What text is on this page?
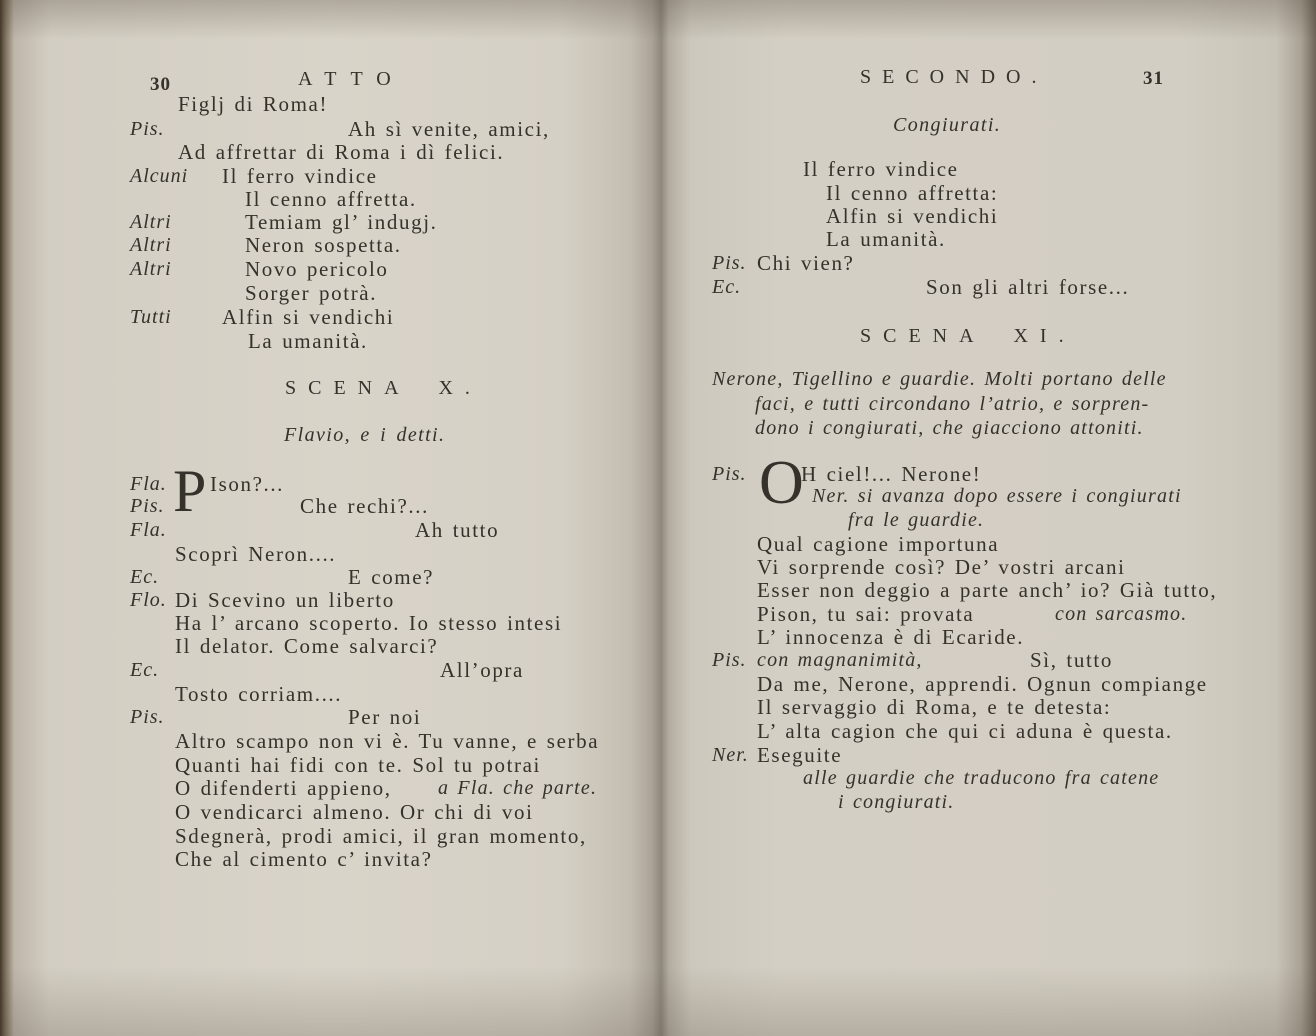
30	ATTO
Figlj di Roma!
Pis.	Ah sì venite, amici,
Ad affrettar di Roma i dì felici.
Alcuni Il ferro vindice
Il cenno affretta.
Altri	Temiam gl’ indugj.
Altri	Neron sospetta.
Altri	Novo pericolo
Sorger potrà.
Tutti Alfin si vendichi
La umanità.
SCENA X.
Flavio, e i detti.
Fla. P Ison?...
Pis.	Che rechi?...
Fla.	Ah tutto
Scoprì Neron....
Ec.	E come?
Flo. Di Scevino un liberto
Ha l’ arcano scoperto. Io stesso intesi
Il delator. Come salvarci?
Ec.	All’opra
Tosto corriam....
Pis.	Per noi
Altro scampo non vi è. Tu vanne, e serba
Quanti hai fidi con te. Sol tu potrai
O difenderti appieno, a Fla. che parte.
O vendicarci almeno. Or chi di voi
Sdegnerà, prodi amici, il gran momento,
Che al cimento c’ invita?
SECONDO.	31
Congiurati.
Il ferro vindice
Il cenno affretta:
Alfin si vendichi
La umanità.
Pis. Chi vien?
Ec.	Son gli altri forse...
SCENA XI.
Nerone, Tigellino e guardie. Molti portano delle
faci, e tutti circondano l’atrio, e sorpren-
dono i congiurati, che giacciono attoniti.
Pis. O
H ciel!... Nerone!
Ner. si avanza dopo essere i congiurati
fra le guardie.
Qual cagione importuna
Vi sorprende così? De’ vostri arcani
Esser non deggio a parte anch’ io? Già tutto,
Pison, tu sai: provata	con sarcasmo.
L’ innocenza è di Ecaride.
Pis. con magnanimità,	Sì, tutto
Da me, Nerone, apprendi. Ognun compiange
Il servaggio di Roma, e te detesta:
L’ alta cagion che qui ci aduna è questa.
Ner. Eseguite
alle guardie che traducono fra catene
i congiurati.
